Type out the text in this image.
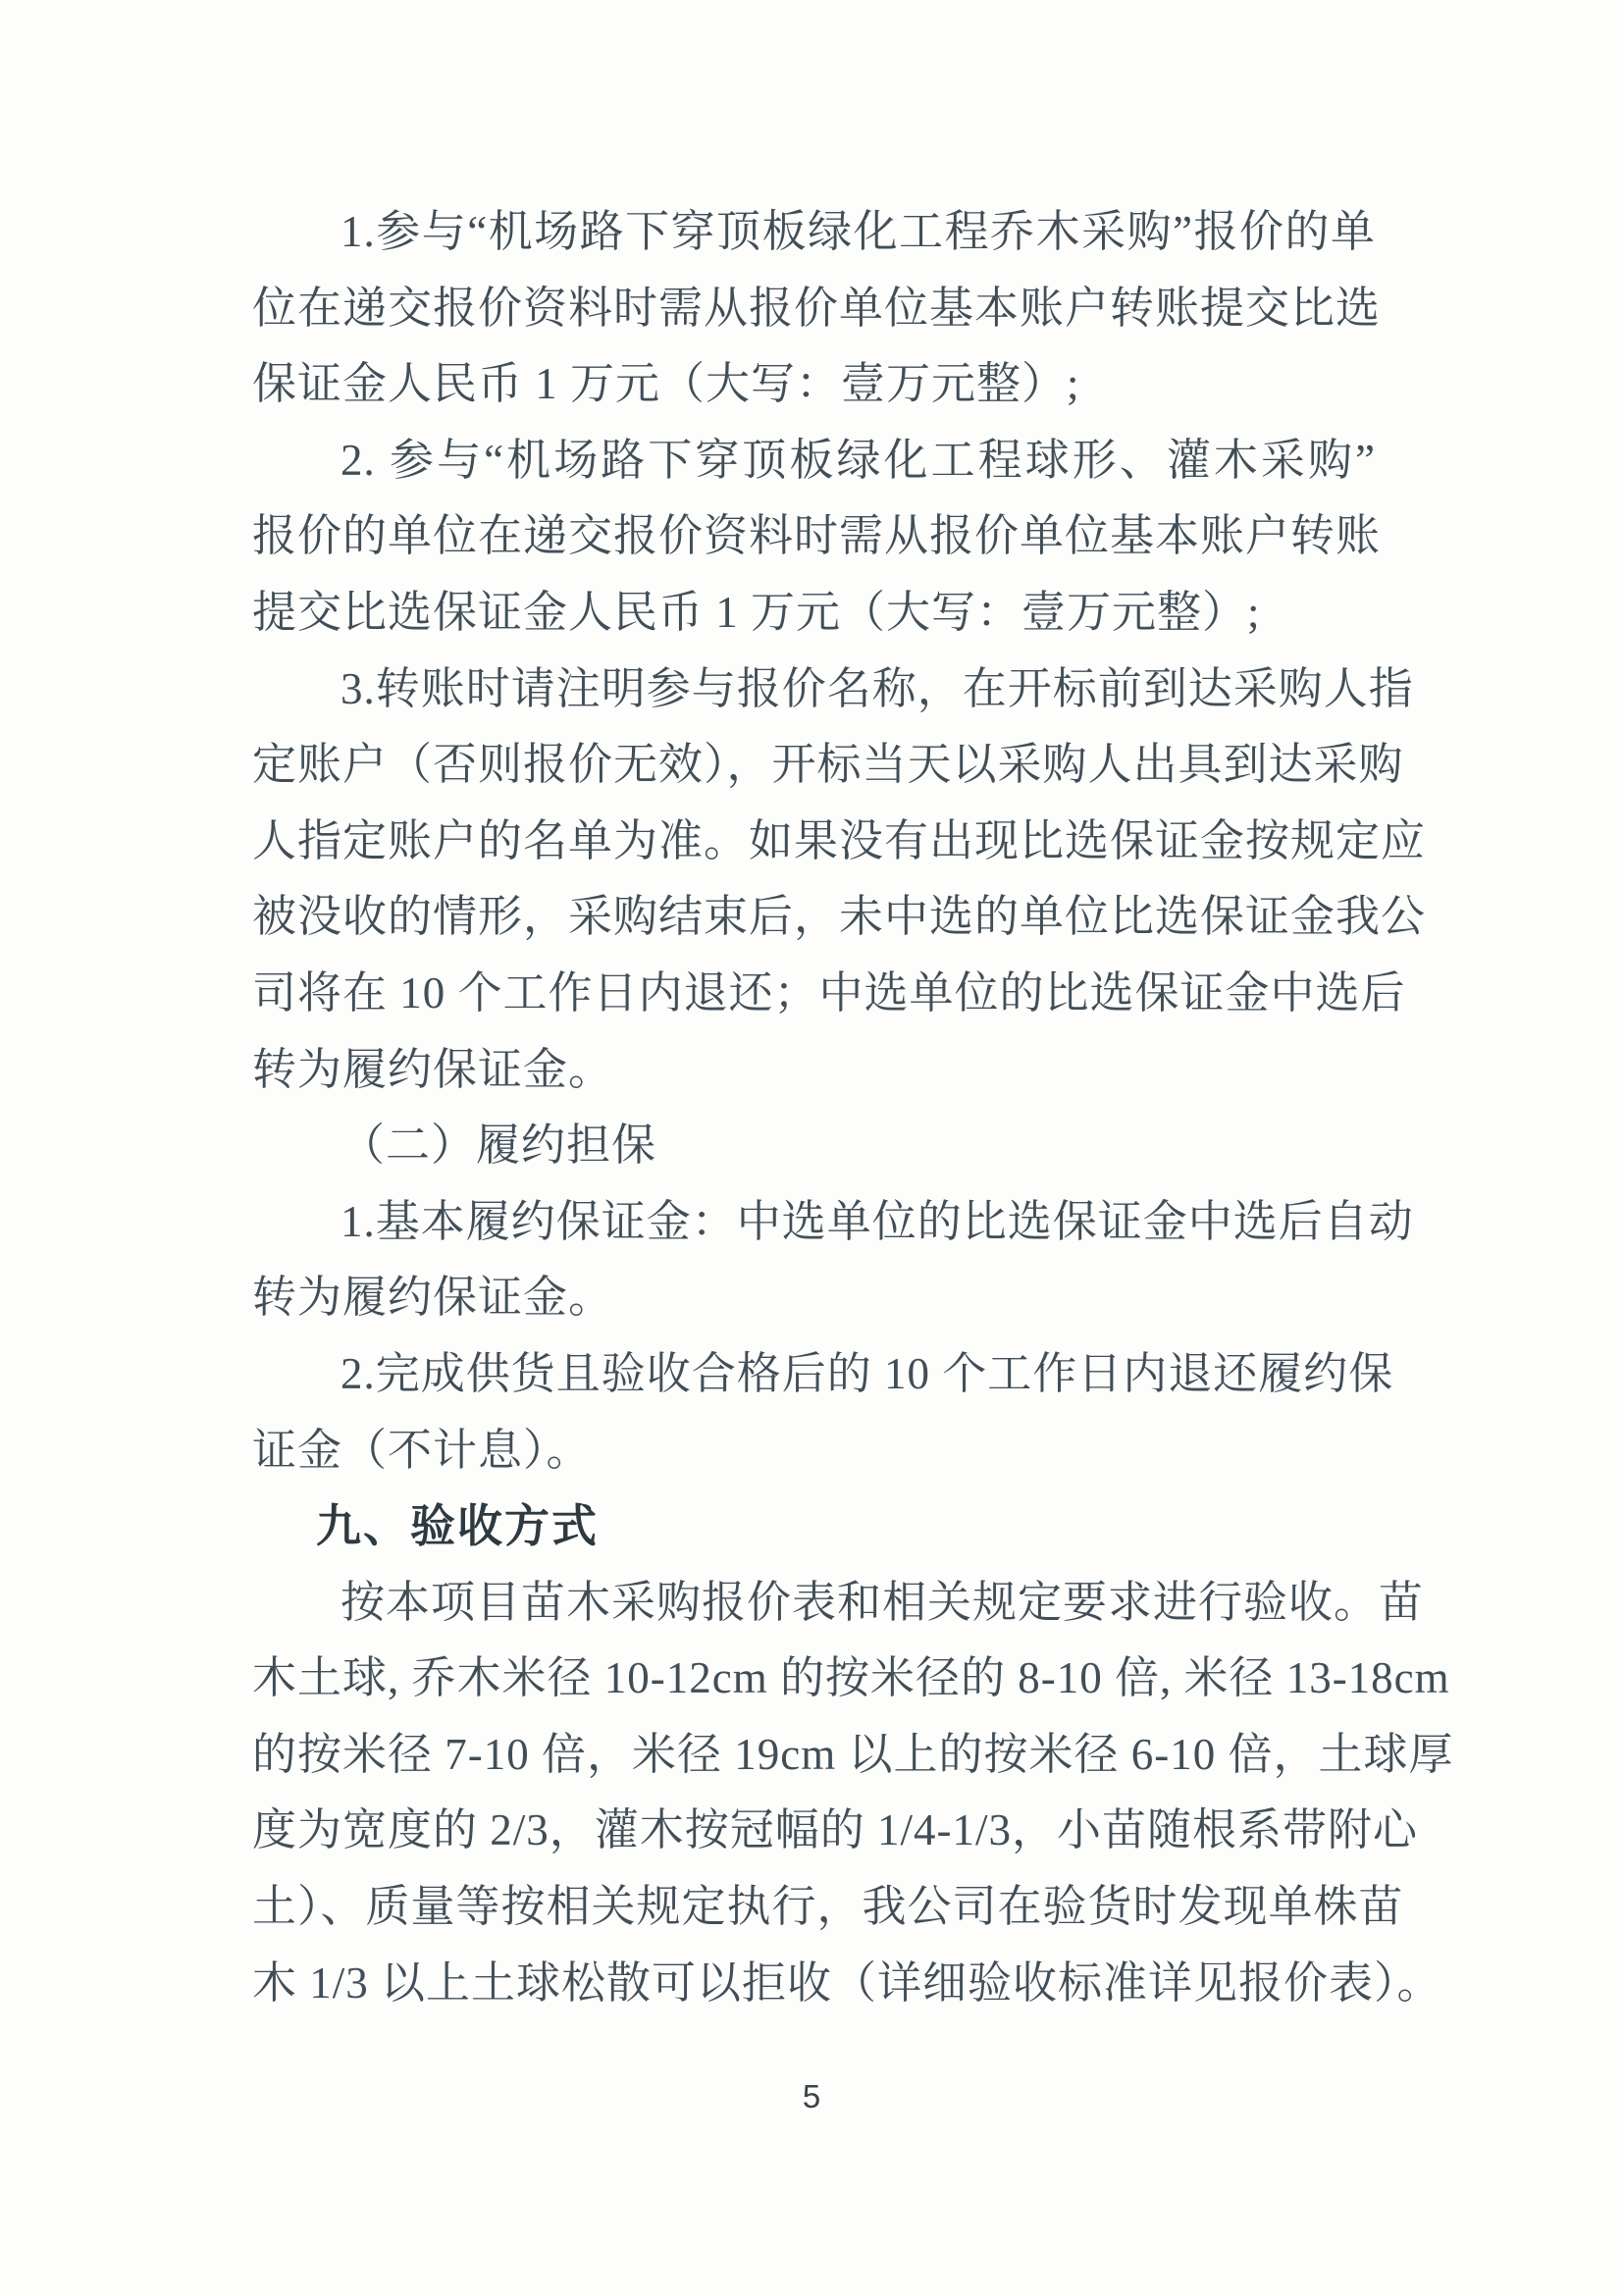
1.参与“机场路下穿顶板绿化工程乔木采购”报价的单
位在递交报价资料时需从报价单位基本账户转账提交比选
保证金人民币 1 万元（大写：壹万元整）;
2. 参与“机场路下穿顶板绿化工程球形、灌木采购”
报价的单位在递交报价资料时需从报价单位基本账户转账
提交比选保证金人民币 1 万元（大写：壹万元整）;
3.转账时请注明参与报价名称，在开标前到达采购人指
定账户（否则报价无效），开标当天以采购人出具到达采购
人指定账户的名单为准。如果没有出现比选保证金按规定应
被没收的情形，采购结束后，未中选的单位比选保证金我公
司将在 10 个工作日内退还；中选单位的比选保证金中选后
转为履约保证金。
（二）履约担保
1.基本履约保证金：中选单位的比选保证金中选后自动
转为履约保证金。
2.完成供货且验收合格后的 10 个工作日内退还履约保
证金（不计息）。
九、验收方式
按本项目苗木采购报价表和相关规定要求进行验收。苗
木土球, 乔木米径 10-12cm 的按米径的 8-10 倍, 米径 13-18cm
的按米径 7-10 倍，米径 19cm 以上的按米径 6-10 倍，土球厚
度为宽度的 2/3，灌木按冠幅的 1/4-1/3，小苗随根系带附心
土）、质量等按相关规定执行，我公司在验货时发现单株苗
木 1/3 以上土球松散可以拒收（详细验收标准详见报价表）。
5
